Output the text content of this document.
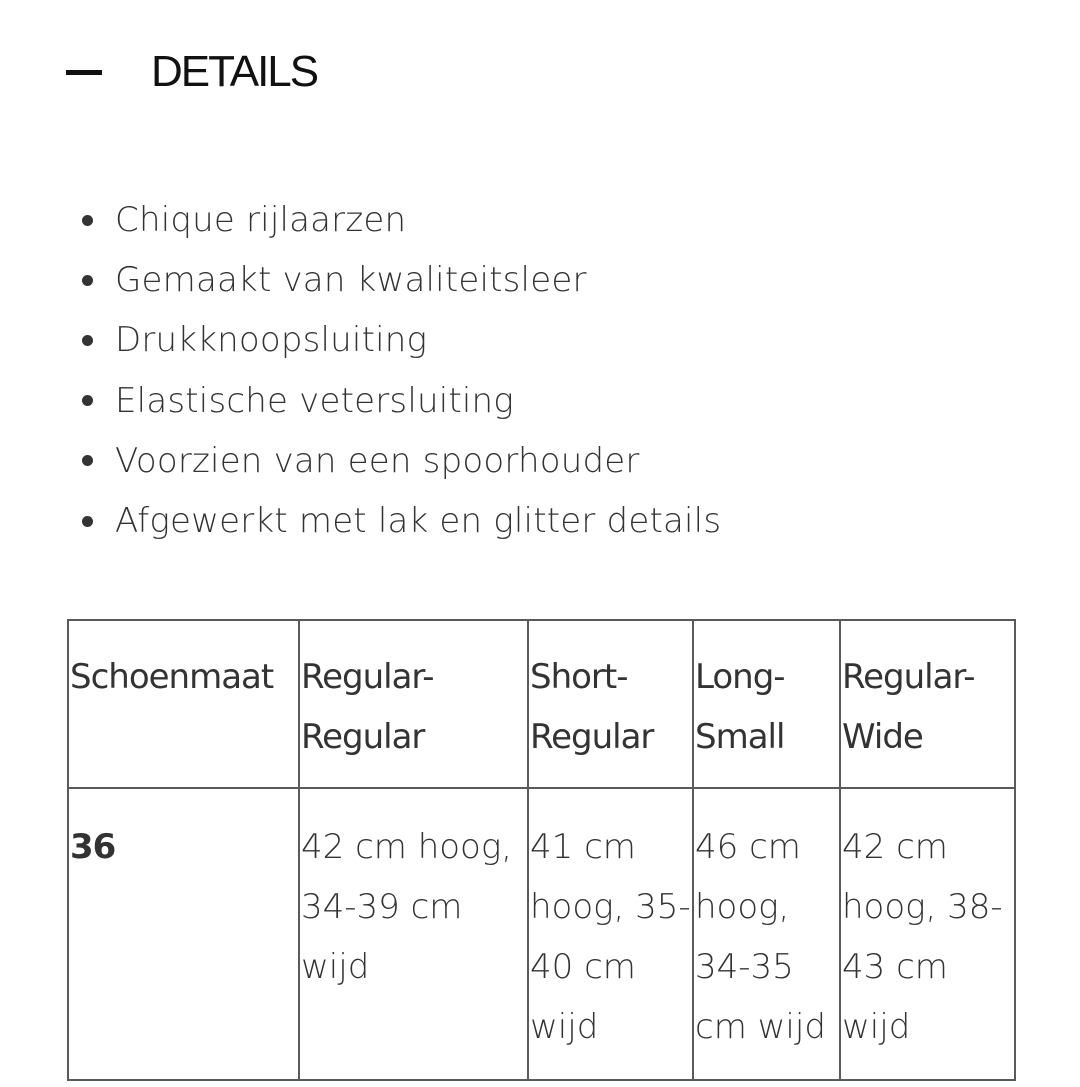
DETAILS
Chique rijlaarzen
Gemaakt van kwaliteitsleer
Drukknoopsluiting
Elastische vetersluiting
Voorzien van een spoorhouder
Afgewerkt met lak en glitter details
Schoenmaat	Regular-Regular	Short-Regular	Long-Small	Regular-Wide
36	42 cm hoog, 34-39 cm wijd	41 cm hoog, 35-40 cm wijd	46 cm hoog, 34-35 cm wijd	42 cm hoog, 38-43 cm wijd
